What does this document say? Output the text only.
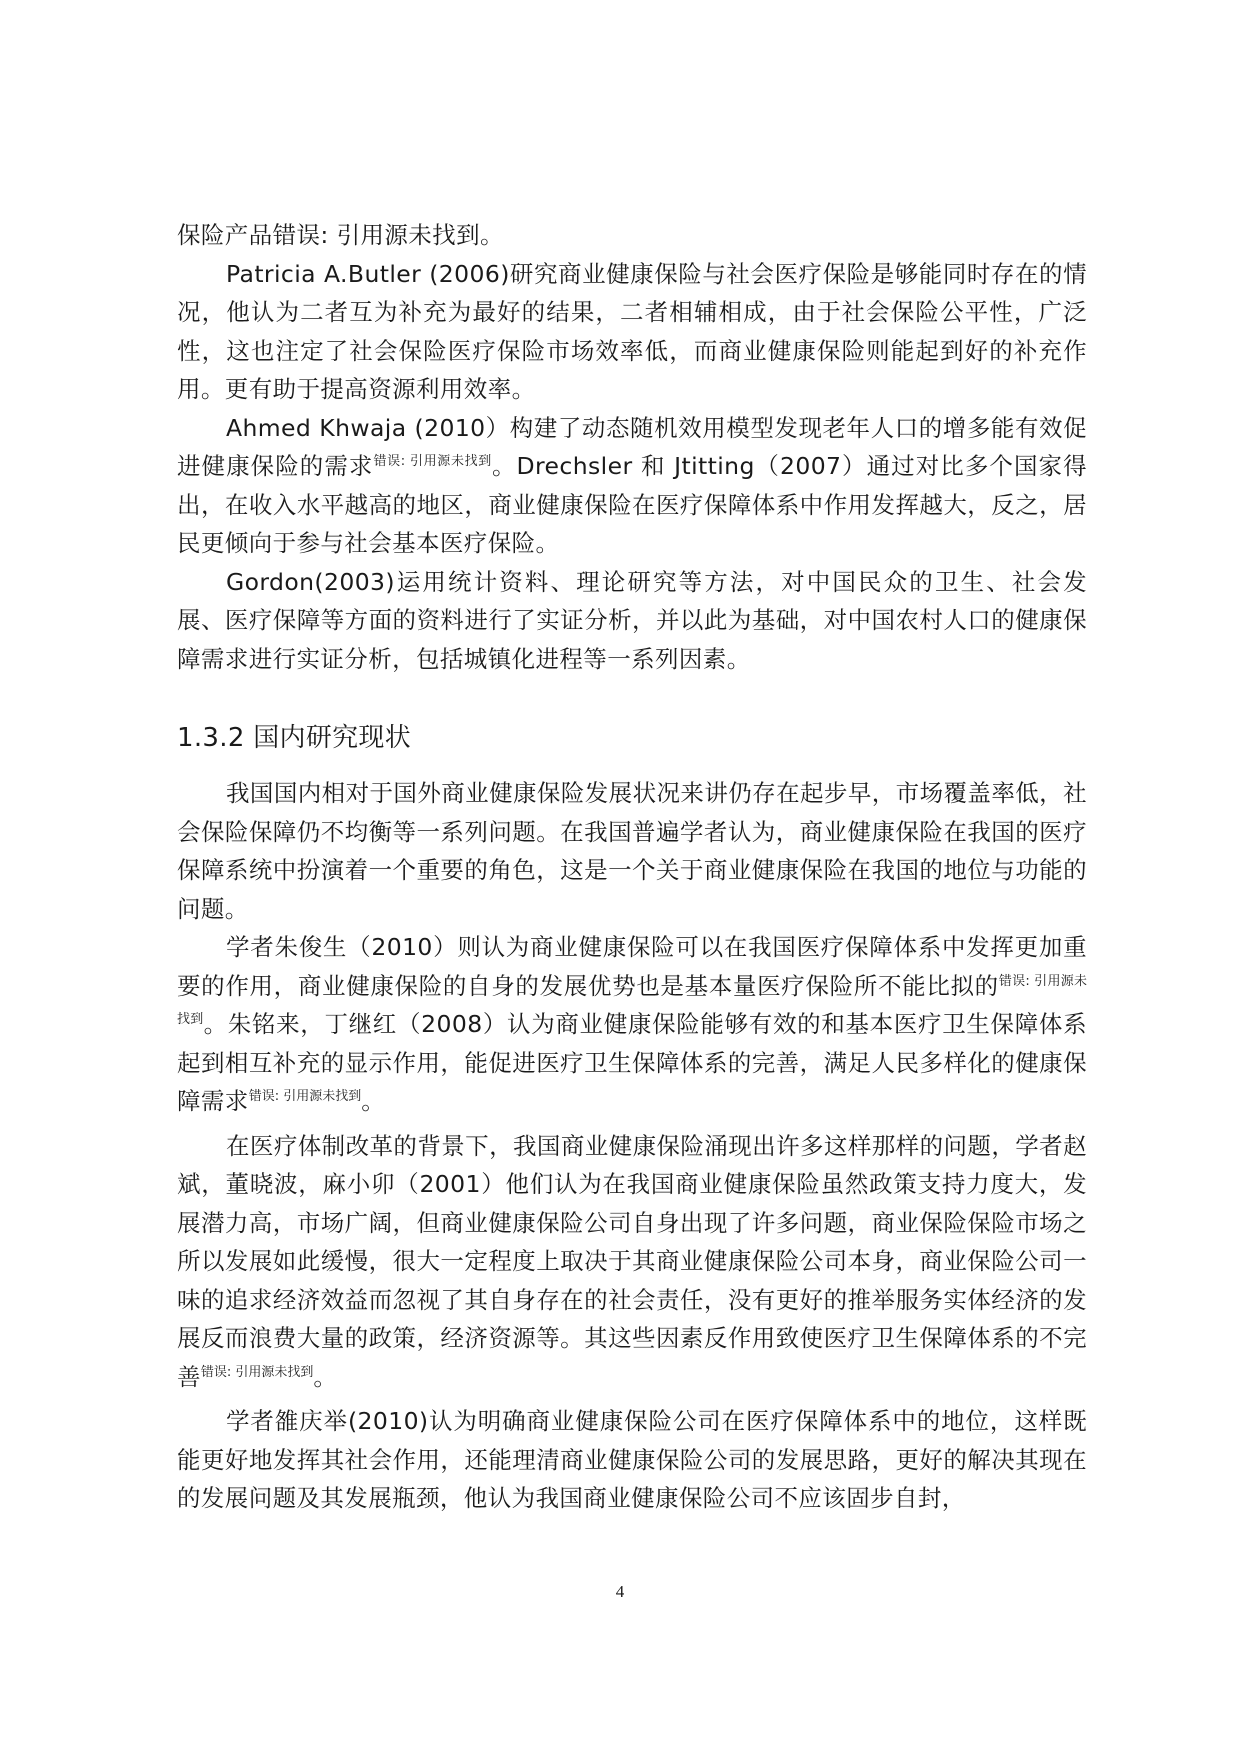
保险产品错误: 引用源未找到。

Patricia A.Butler (2006)研究商业健康保险与社会医疗保险是够能同时存在的情况，他认为二者互为补充为最好的结果，二者相辅相成，由于社会保险公平性，广泛性，这也注定了社会保险医疗保险市场效率低，而商业健康保险则能起到好的补充作用。更有助于提高资源利用效率。

Ahmed Khwaja (2010）构建了动态随机效用模型发现老年人口的增多能有效促进健康保险的需求$^{错误: 引用源未找到}$。Drechsler 和 Jtitting（2007）通过对比多个国家得出，在收入水平越高的地区，商业健康保险在医疗保障体系中作用发挥越大，反之，居民更倾向于参与社会基本医疗保险。

Gordon(2003)运用统计资料、理论研究等方法，对中国民众的卫生、社会发展、医疗保障等方面的资料进行了实证分析，并以此为基础，对中国农村人口的健康保障需求进行实证分析，包括城镇化进程等一系列因素。

1.3.2 国内研究现状

我国国内相对于国外商业健康保险发展状况来讲仍存在起步早，市场覆盖率低，社会保险保障仍不均衡等一系列问题。在我国普遍学者认为，商业健康保险在我国的医疗保障系统中扮演着一个重要的角色，这是一个关于商业健康保险在我国的地位与功能的问题。

学者朱俊生（2010）则认为商业健康保险可以在我国医疗保障体系中发挥更加重要的作用，商业健康保险的自身的发展优势也是基本量医疗保险所不能比拟的$^{错误: 引用源未找到}$。朱铭来，丁继红（2008）认为商业健康保险能够有效的和基本医疗卫生保障体系起到相互补充的显示作用，能促进医疗卫生保障体系的完善，满足人民多样化的健康保障需求$^{错误: 引用源未找到}$。

在医疗体制改革的背景下，我国商业健康保险涌现出许多这样那样的问题，学者赵斌，董晓波，麻小卯（2001）他们认为在我国商业健康保险虽然政策支持力度大，发展潜力高，市场广阔，但商业健康保险公司自身出现了许多问题，商业保险保险市场之所以发展如此缓慢，很大一定程度上取决于其商业健康保险公司本身，商业保险公司一味的追求经济效益而忽视了其自身存在的社会责任，没有更好的推举服务实体经济的发展反而浪费大量的政策，经济资源等。其这些因素反作用致使医疗卫生保障体系的不完善$^{错误: 引用源未找到}$。

学者雒庆举(2010)认为明确商业健康保险公司在医疗保障体系中的地位，这样既能更好地发挥其社会作用，还能理清商业健康保险公司的发展思路，更好的解决其现在的发展问题及其发展瓶颈，他认为我国商业健康保险公司不应该固步自封，

4
